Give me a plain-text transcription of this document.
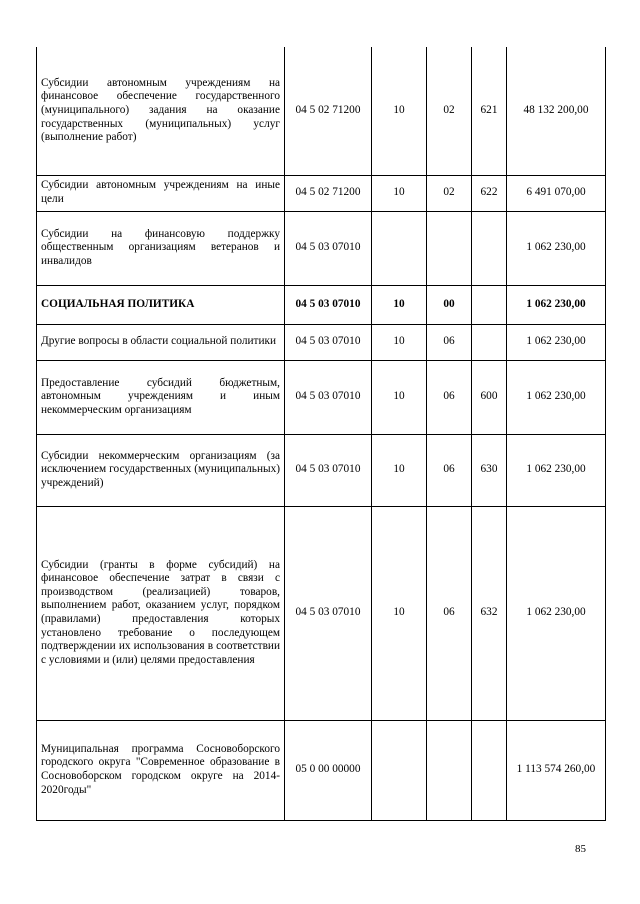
Субсидии автономным учреждениям на финансовое обеспечение государственного (муниципального) задания на оказание государственных (муниципальных) услуг (выполнение работ)	04 5 02 71200	10	02	621	48 132 200,00
Субсидии автономным учреждениям на иные цели	04 5 02 71200	10	02	622	6 491 070,00
Субсидии на финансовую поддержку общественным организациям ветеранов и инвалидов	04 5 03 07010				1 062 230,00
СОЦИАЛЬНАЯ ПОЛИТИКА	04 5 03 07010	10	00		1 062 230,00
Другие вопросы в области социальной политики	04 5 03 07010	10	06		1 062 230,00
Предоставление субсидий бюджетным, автономным учреждениям и иным некоммерческим организациям	04 5 03 07010	10	06	600	1 062 230,00
Субсидии некоммерческим организациям (за исключением государственных (муниципальных) учреждений)	04 5 03 07010	10	06	630	1 062 230,00
Субсидии (гранты в форме субсидий) на финансовое обеспечение затрат в связи с производством (реализацией) товаров, выполнением работ, оказанием услуг, порядком (правилами) предоставления которых установлено требование о последующем подтверждении их использования в соответствии с условиями и (или) целями предоставления	04 5 03 07010	10	06	632	1 062 230,00
Муниципальная программа Сосновоборского городского округа "Современное образование в Сосновоборском городском округе на 2014-2020годы"	05 0 00 00000				1 113 574 260,00
85
